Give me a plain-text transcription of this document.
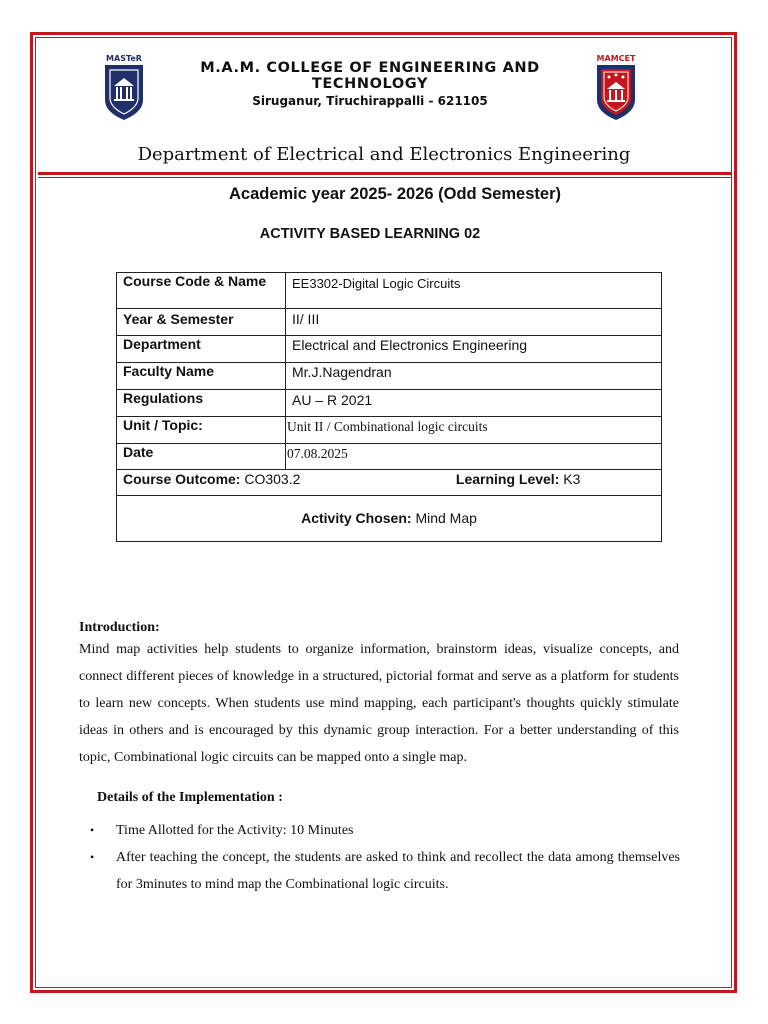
MASTeR	MAMCET
M.A.M. COLLEGE OF ENGINEERING AND TECHNOLOGY
Siruganur, Tiruchirappalli - 621105
Department of Electrical and Electronics Engineering
Academic year 2025- 2026 (Odd Semester)
ACTIVITY BASED LEARNING 02
Course Code & Name	EE3302-Digital Logic Circuits
Year & Semester	II/ III
Department	Electrical and Electronics Engineering
Faculty Name	Mr.J.Nagendran
Regulations	AU – R 2021
Unit / Topic:	Unit II / Combinational logic circuits
Date	07.08.2025
Course Outcome: CO303.2 Learning Level: K3	
Activity Chosen: Mind Map	
Introduction:
Mind map activities help students to organize information, brainstorm ideas, visualize concepts, and connect different pieces of knowledge in a structured, pictorial format and serve as a platform for students to learn new concepts. When students use mind mapping, each participant's thoughts quickly stimulate ideas in others and is encouraged by this dynamic group interaction. For a better understanding of this topic, Combinational logic circuits can be mapped onto a single map.
Details of the Implementation :
• Time Allotted for the Activity: 10 Minutes
• After teaching the concept, the students are asked to think and recollect the data among themselves for 3minutes to mind map the Combinational logic circuits.
